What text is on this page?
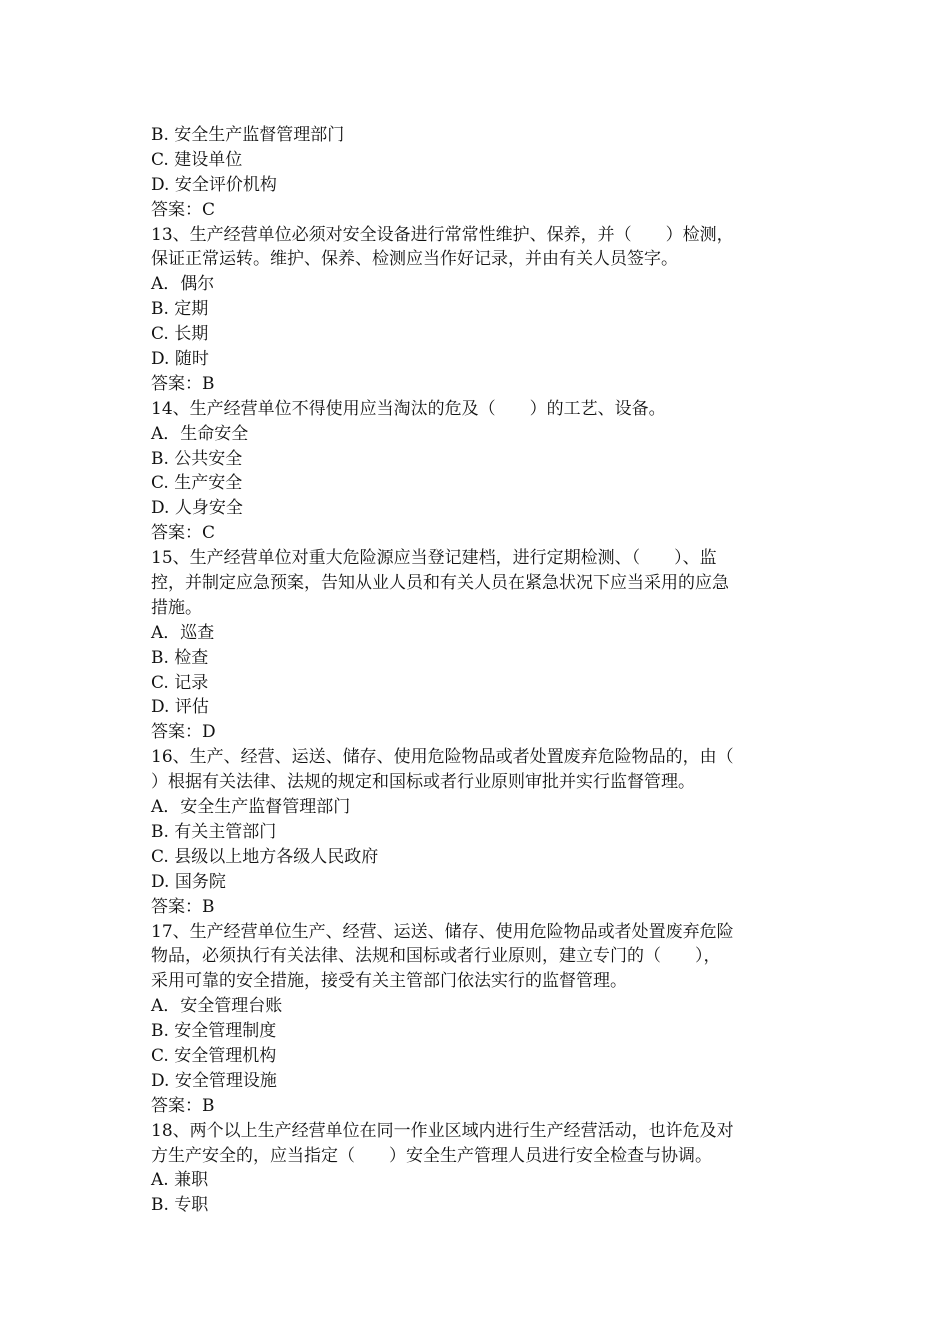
B. 安全生产监督管理部门
C. 建设单位
D. 安全评价机构
答案：C
13、生产经营单位必须对安全设备进行常常性维护、保养，并（　　）检测，
保证正常运转。维护、保养、检测应当作好记录，并由有关人员签字。
A．偶尔
B. 定期
C. 长期
D. 随时
答案：B
14、生产经营单位不得使用应当淘汰的危及（　　）的工艺、设备。
A．生命安全
B. 公共安全
C. 生产安全
D. 人身安全
答案：C
15、生产经营单位对重大危险源应当登记建档，进行定期检测、（　　）、监
控，并制定应急预案，告知从业人员和有关人员在紧急状况下应当采用的应急
措施。
A．巡查
B. 检查
C. 记录
D. 评估
答案：D
16、生产、经营、运送、储存、使用危险物品或者处置废弃危险物品的，由（
）根据有关法律、法规的规定和国标或者行业原则审批并实行监督管理。
A．安全生产监督管理部门
B. 有关主管部门
C. 县级以上地方各级人民政府
D. 国务院
答案：B
17、生产经营单位生产、经营、运送、储存、使用危险物品或者处置废弃危险
物品，必须执行有关法律、法规和国标或者行业原则，建立专门的（　　），
采用可靠的安全措施，接受有关主管部门依法实行的监督管理。
A．安全管理台账
B. 安全管理制度
C. 安全管理机构
D. 安全管理设施
答案：B
18、两个以上生产经营单位在同一作业区域内进行生产经营活动，也许危及对
方生产安全的，应当指定（　　）安全生产管理人员进行安全检查与协调。
A. 兼职
B. 专职
